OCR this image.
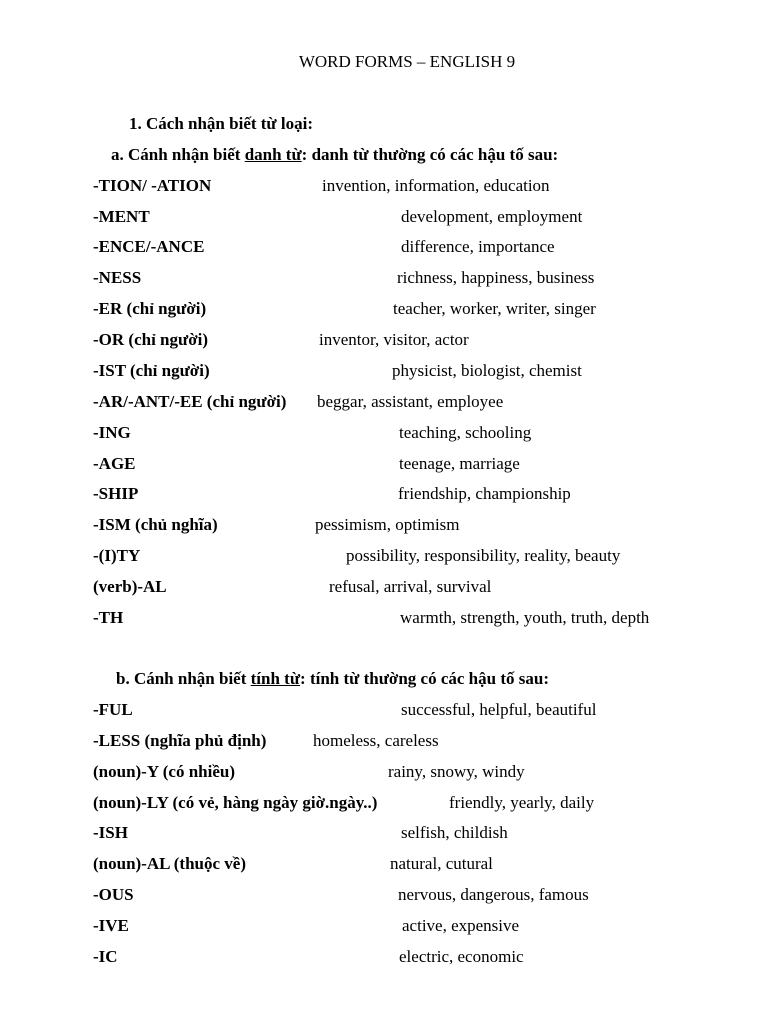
WORD FORMS – ENGLISH 9
1. Cách nhận biết từ loại:
a. Cánh nhận biết danh từ: danh từ thường có các hậu tố sau:
-TION/ -ATION	invention, information, education
-MENT	development, employment
-ENCE/-ANCE	difference, importance
-NESS	richness, happiness, business
-ER (chỉ người)	teacher, worker, writer, singer
-OR (chỉ người)	inventor, visitor, actor
-IST (chỉ người)	physicist, biologist, chemist
-AR/-ANT/-EE (chỉ người) beggar, assistant, employee
-ING	teaching, schooling
-AGE	teenage, marriage
-SHIP	friendship, championship
-ISM (chủ nghĩa)	pessimism, optimism
-(I)TY	possibility, responsibility, reality, beauty
(verb)-AL	refusal, arrival, survival
-TH	warmth, strength, youth, truth, depth
b. Cánh nhận biết tính từ: tính từ thường có các hậu tố sau:
-FUL	successful, helpful, beautiful
-LESS (nghĩa phủ định)	homeless, careless
(noun)-Y (có nhiều)	rainy, snowy, windy
(noun)-LY (có vẻ, hàng ngày giờ.ngày..)	friendly, yearly, daily
-ISH	selfish, childish
(noun)-AL (thuộc về)	natural, cutural
-OUS	nervous, dangerous, famous
-IVE	active, expensive
-IC	electric, economic
